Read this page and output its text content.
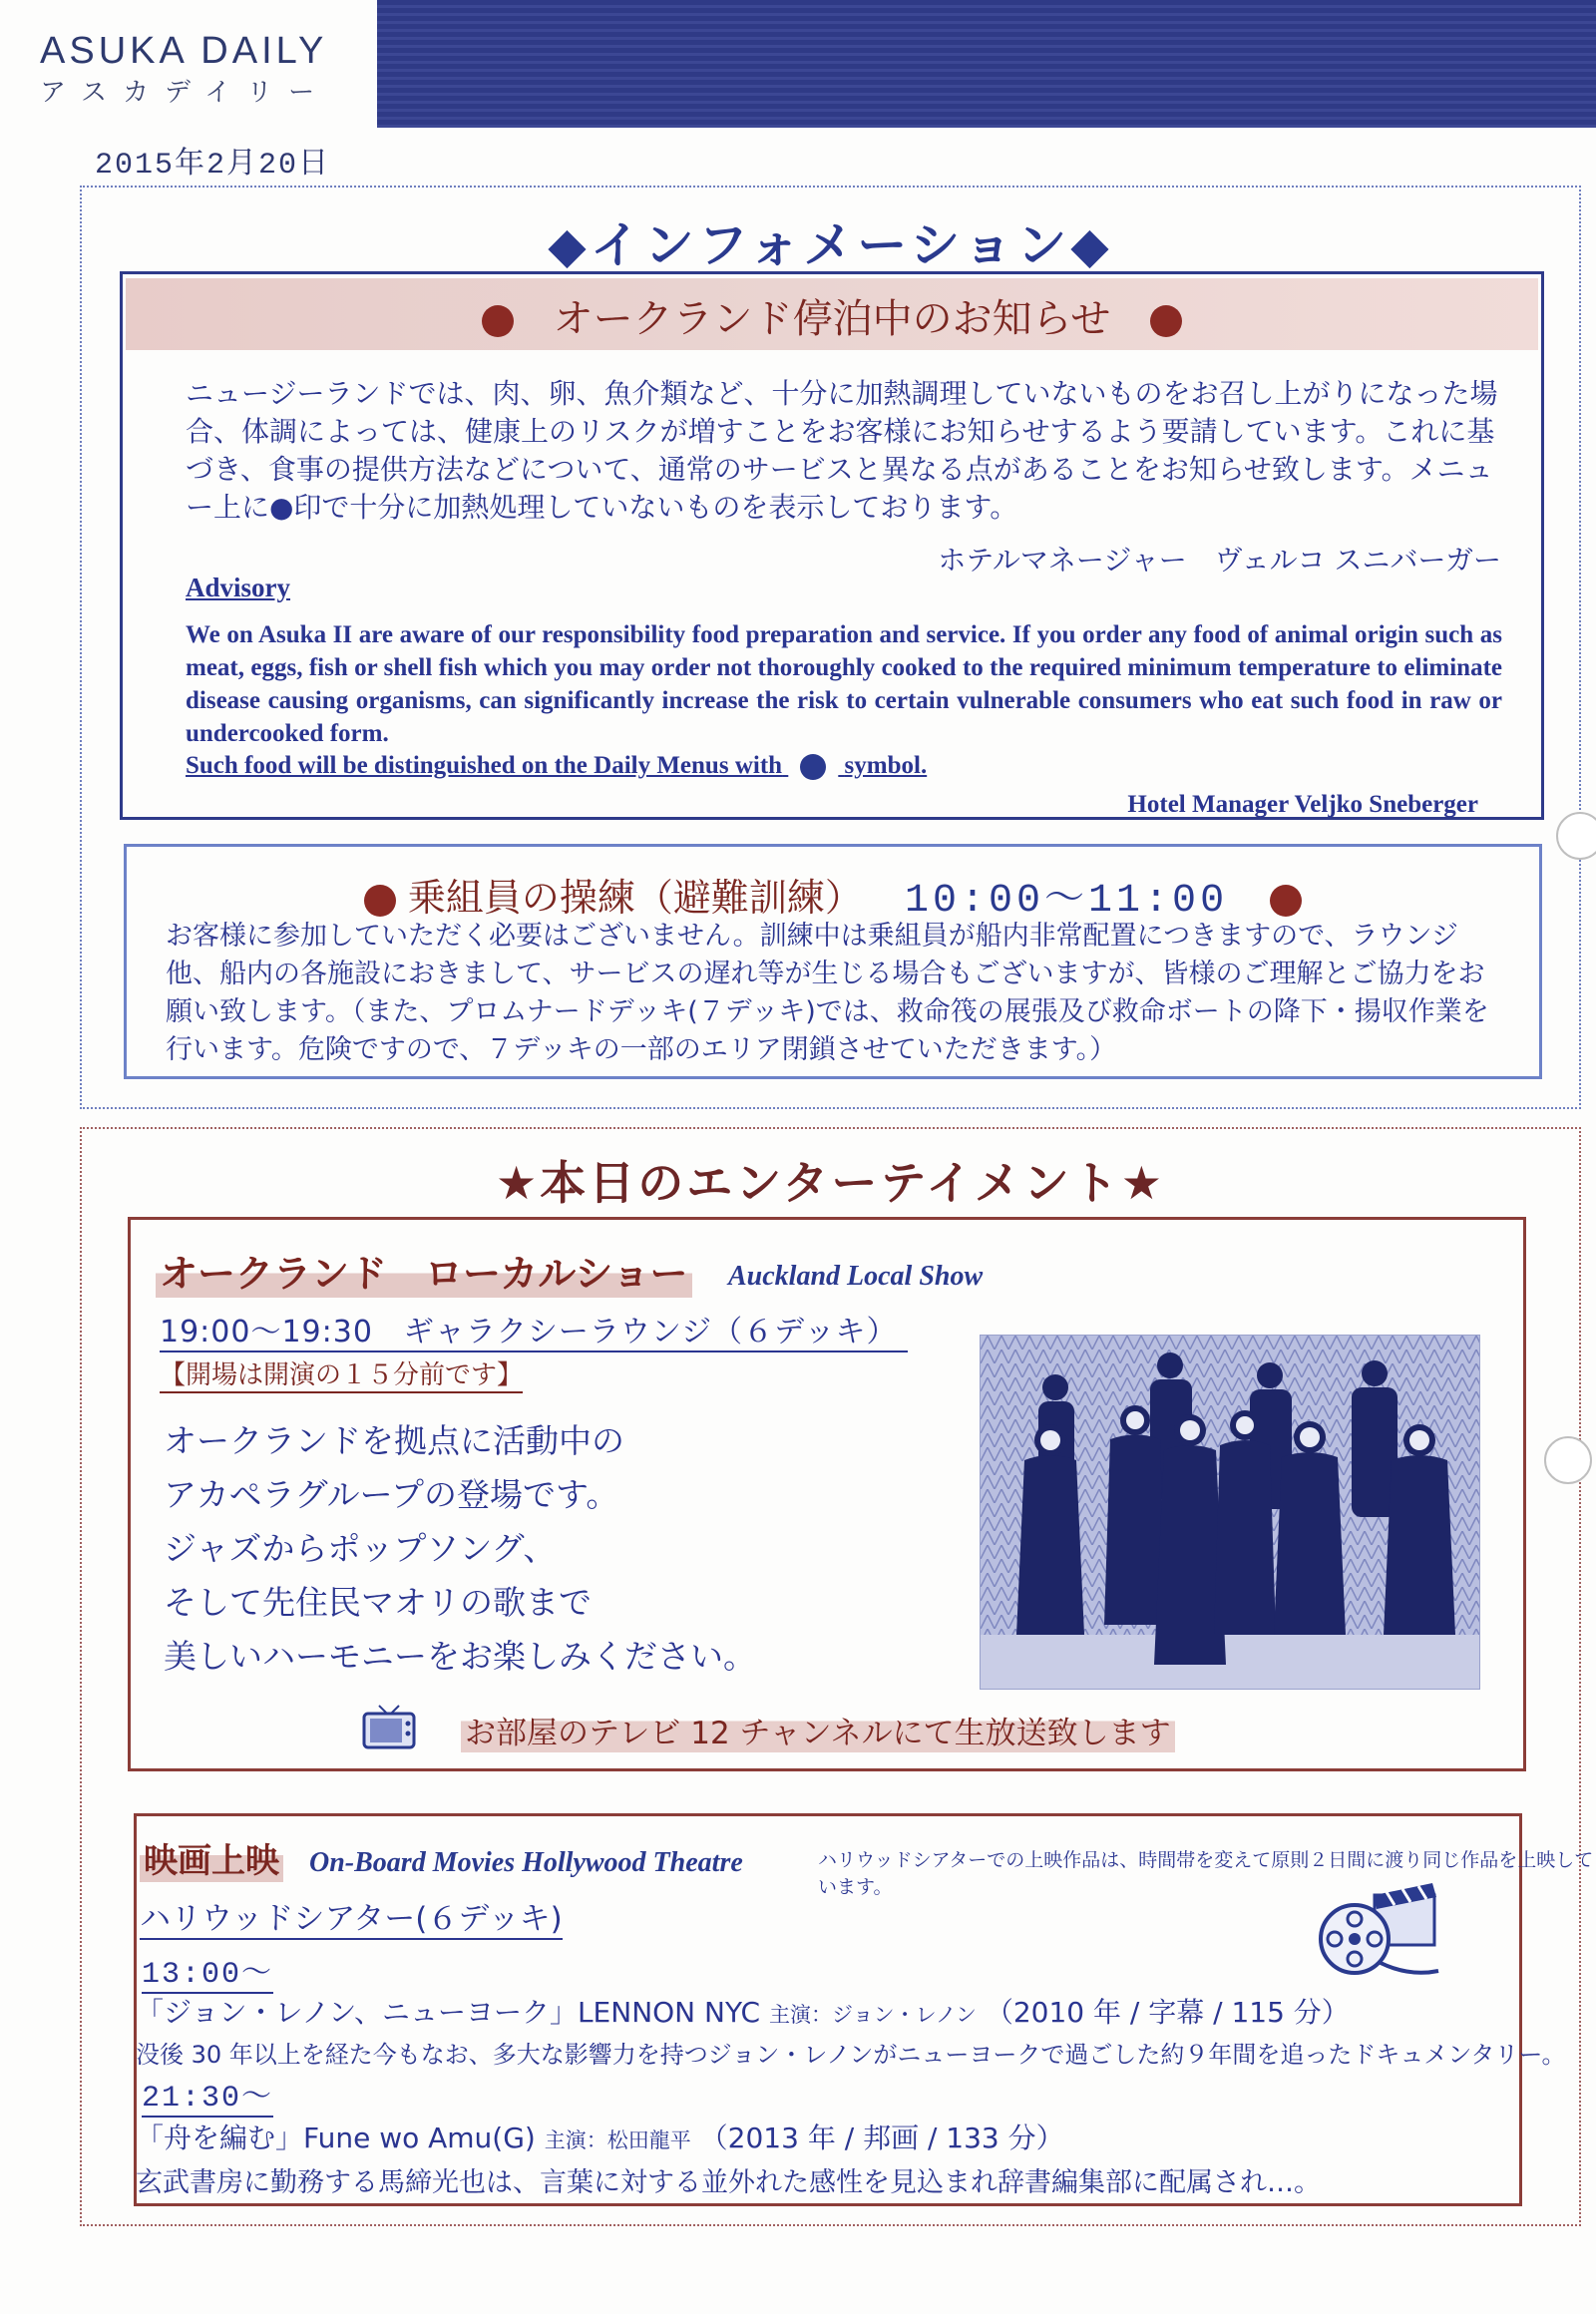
ASUKA DAILY
アスカデイリー
2015年2月20日
◆インフォメーション◆
オークランド停泊中のお知らせ
ニュージーランドでは、肉、卵、魚介類など、十分に加熱調理していないものをお召し上がりになった場合、体調によっては、健康上のリスクが増すことをお客様にお知らせするよう要請しています。これに基づき、食事の提供方法などについて、通常のサービスと異なる点があることをお知らせ致します。メニュー上に●印で十分に加熱処理していないものを表示しております。
ホテルマネージャー　ヴェルコ スニバーガー
Advisory
We on Asuka II are aware of our responsibility food preparation and service. If you order any food of animal origin such as meat, eggs, fish or shell fish which you may order not thoroughly cooked to the required minimum temperature to eliminate disease causing organisms, can significantly increase the risk to certain vulnerable consumers who eat such food in raw or undercooked form.
Such food will be distinguished on the Daily Menus with	symbol.
Hotel Manager Veljko Sneberger
乗組員の操練（避難訓練） 10:00～11:00
お客様に参加していただく必要はございません。訓練中は乗組員が船内非常配置につきますので、ラウンジ他、船内の各施設におきまして、サービスの遅れ等が生じる場合もございますが、皆様のご理解とご協力をお願い致します。（また、プロムナードデッキ(７デッキ)では、救命筏の展張及び救命ボートの降下・揚収作業を行います。危険ですので、７デッキの一部のエリア閉鎖させていただきます。）
★本日のエンターテイメント★
オークランド　ローカルショー Auckland Local Show
19:00～19:30　ギャラクシーラウンジ（６デッキ）
【開場は開演の１５分前です】
オークランドを拠点に活動中の
アカペラグループの登場です。
ジャズからポップソング、
そして先住民マオリの歌まで
美しいハーモニーをお楽しみください。
お部屋のテレビ 12 チャンネルにて生放送致します
映画上映 On-Board Movies Hollywood Theatre	ハリウッドシアターでの上映作品は、時間帯を変えて原則２日間に渡り同じ作品を上映しています。
ハリウッドシアター(６デッキ)
13:00～
「ジョン・レノン、ニューヨーク」LENNON NYC 主演：ジョン・レノン （2010 年 / 字幕 / 115 分）
没後 30 年以上を経た今もなお、多大な影響力を持つジョン・レノンがニューヨークで過ごした約９年間を追ったドキュメンタリー。
21:30～
「舟を編む」Fune wo Amu(G) 主演：松田龍平 （2013 年 / 邦画 / 133 分）
玄武書房に勤務する馬締光也は、言葉に対する並外れた感性を見込まれ辞書編集部に配属され…。
